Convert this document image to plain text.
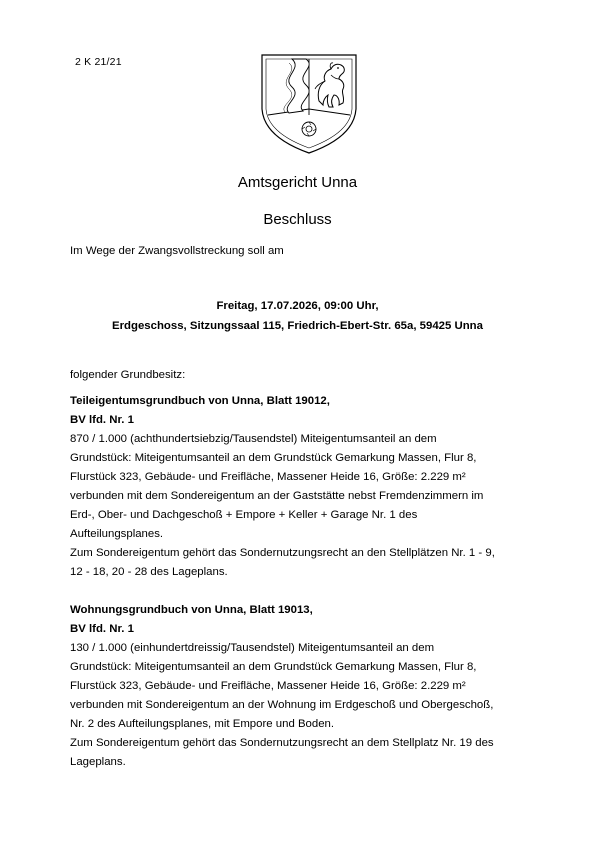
2 K 21/21
Amtsgericht Unna
Beschluss
Im Wege der Zwangsvollstreckung soll am
Freitag, 17.07.2026, 09:00 Uhr,
Erdgeschoss, Sitzungssaal 115, Friedrich-Ebert-Str. 65a, 59425 Unna
folgender Grundbesitz:
Teileigentumsgrundbuch von Unna, Blatt 19012,
BV lfd. Nr. 1
870 / 1.000 (achthundertsiebzig/Tausendstel) Miteigentumsanteil an dem
Grundstück: Miteigentumsanteil an dem Grundstück Gemarkung Massen, Flur 8,
Flurstück 323, Gebäude- und Freifläche, Massener Heide 16, Größe: 2.229 m²
verbunden mit dem Sondereigentum an der Gaststätte nebst Fremdenzimmern im
Erd-, Ober- und Dachgeschoß + Empore + Keller + Garage Nr. 1 des
Aufteilungsplanes.
Zum Sondereigentum gehört das Sondernutzungsrecht an den Stellplätzen Nr. 1 - 9,
12 - 18, 20 - 28 des Lageplans.
Wohnungsgrundbuch von Unna, Blatt 19013,
BV lfd. Nr. 1
130 / 1.000 (einhundertdreissig/Tausendstel) Miteigentumsanteil an dem
Grundstück: Miteigentumsanteil an dem Grundstück Gemarkung Massen, Flur 8,
Flurstück 323, Gebäude- und Freifläche, Massener Heide 16, Größe: 2.229 m²
verbunden mit Sondereigentum an der Wohnung im Erdgeschoß und Obergeschoß,
Nr. 2 des Aufteilungsplanes, mit Empore und Boden.
Zum Sondereigentum gehört das Sondernutzungsrecht an dem Stellplatz Nr. 19 des
Lageplans.
